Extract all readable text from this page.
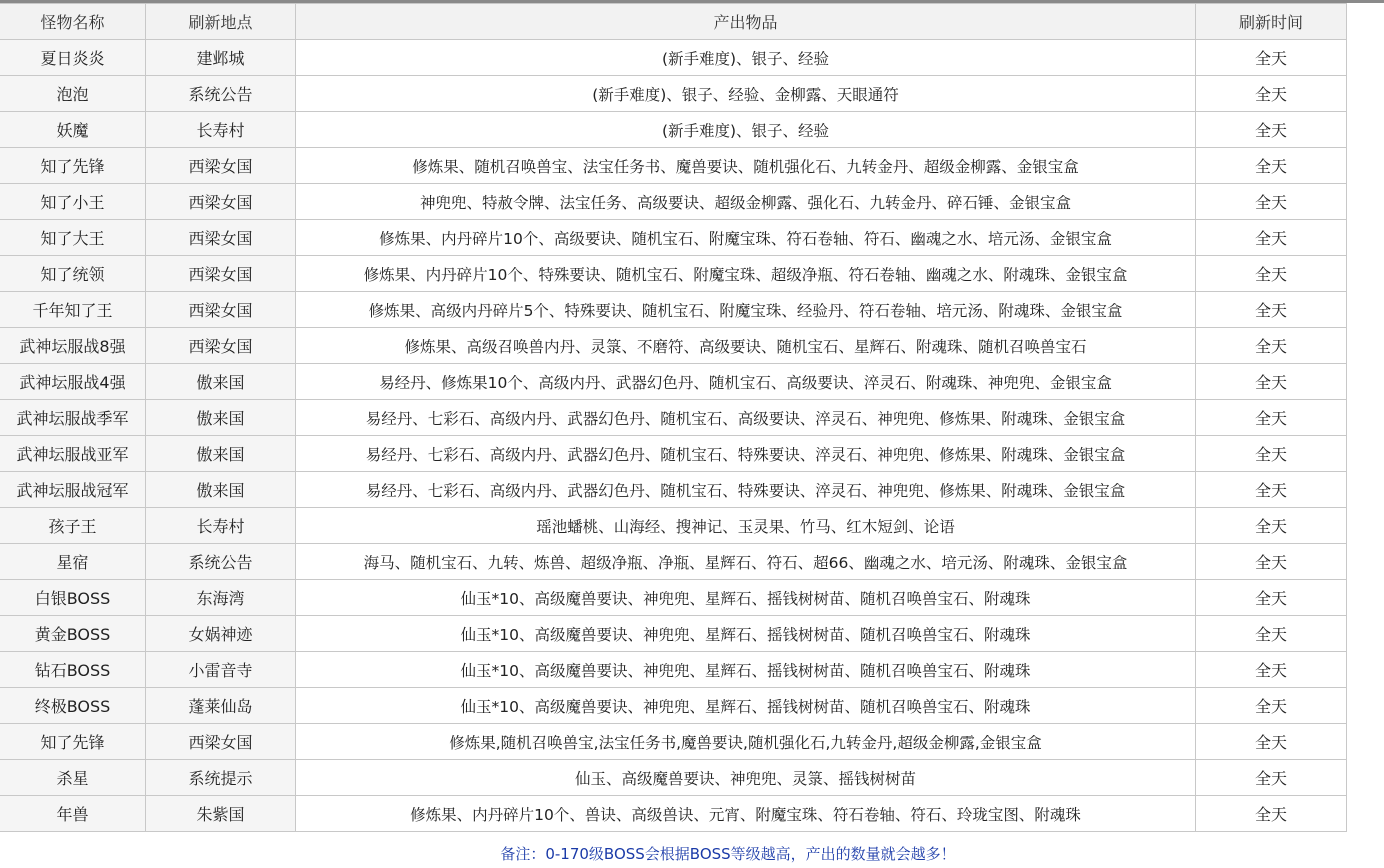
怪物名称	刷新地点	产出物品	刷新时间
夏日炎炎	建邺城	(新手难度)、银子、经验	全天
泡泡	系统公告	(新手难度)、银子、经验、金柳露、天眼通符	全天
妖魔	长寿村	(新手难度)、银子、经验	全天
知了先锋	西梁女国	修炼果、随机召唤兽宝、法宝任务书、魔兽要诀、随机强化石、九转金丹、超级金柳露、金银宝盒	全天
知了小王	西梁女国	神兜兜、特赦令牌、法宝任务、高级要诀、超级金柳露、强化石、九转金丹、碎石锤、金银宝盒	全天
知了大王	西梁女国	修炼果、内丹碎片10个、高级要诀、随机宝石、附魔宝珠、符石卷轴、符石、幽魂之水、培元汤、金银宝盒	全天
知了统领	西梁女国	修炼果、内丹碎片10个、特殊要诀、随机宝石、附魔宝珠、超级净瓶、符石卷轴、幽魂之水、附魂珠、金银宝盒	全天
千年知了王	西梁女国	修炼果、高级内丹碎片5个、特殊要诀、随机宝石、附魔宝珠、经验丹、符石卷轴、培元汤、附魂珠、金银宝盒	全天
武神坛服战8强	西梁女国	修炼果、高级召唤兽内丹、灵箓、不磨符、高级要诀、随机宝石、星辉石、附魂珠、随机召唤兽宝石	全天
武神坛服战4强	傲来国	易经丹、修炼果10个、高级内丹、武器幻色丹、随机宝石、高级要诀、淬灵石、附魂珠、神兜兜、金银宝盒	全天
武神坛服战季军	傲来国	易经丹、七彩石、高级内丹、武器幻色丹、随机宝石、高级要诀、淬灵石、神兜兜、修炼果、附魂珠、金银宝盒	全天
武神坛服战亚军	傲来国	易经丹、七彩石、高级内丹、武器幻色丹、随机宝石、特殊要诀、淬灵石、神兜兜、修炼果、附魂珠、金银宝盒	全天
武神坛服战冠军	傲来国	易经丹、七彩石、高级内丹、武器幻色丹、随机宝石、特殊要诀、淬灵石、神兜兜、修炼果、附魂珠、金银宝盒	全天
孩子王	长寿村	瑶池蟠桃、山海经、搜神记、玉灵果、竹马、红木短剑、论语	全天
星宿	系统公告	海马、随机宝石、九转、炼兽、超级净瓶、净瓶、星辉石、符石、超66、幽魂之水、培元汤、附魂珠、金银宝盒	全天
白银BOSS	东海湾	仙玉*10、高级魔兽要诀、神兜兜、星辉石、摇钱树树苗、随机召唤兽宝石、附魂珠	全天
黄金BOSS	女娲神迹	仙玉*10、高级魔兽要诀、神兜兜、星辉石、摇钱树树苗、随机召唤兽宝石、附魂珠	全天
钻石BOSS	小雷音寺	仙玉*10、高级魔兽要诀、神兜兜、星辉石、摇钱树树苗、随机召唤兽宝石、附魂珠	全天
终极BOSS	蓬莱仙岛	仙玉*10、高级魔兽要诀、神兜兜、星辉石、摇钱树树苗、随机召唤兽宝石、附魂珠	全天
知了先锋	西梁女国	修炼果,随机召唤兽宝,法宝任务书,魔兽要诀,随机强化石,九转金丹,超级金柳露,金银宝盒	全天
杀星	系统提示	仙玉、高级魔兽要诀、神兜兜、灵箓、摇钱树树苗	全天
年兽	朱紫国	修炼果、内丹碎片10个、兽诀、高级兽诀、元宵、附魔宝珠、符石卷轴、符石、玲珑宝图、附魂珠	全天
备注：0-170级BOSS会根据BOSS等级越高，产出的数量就会越多！
